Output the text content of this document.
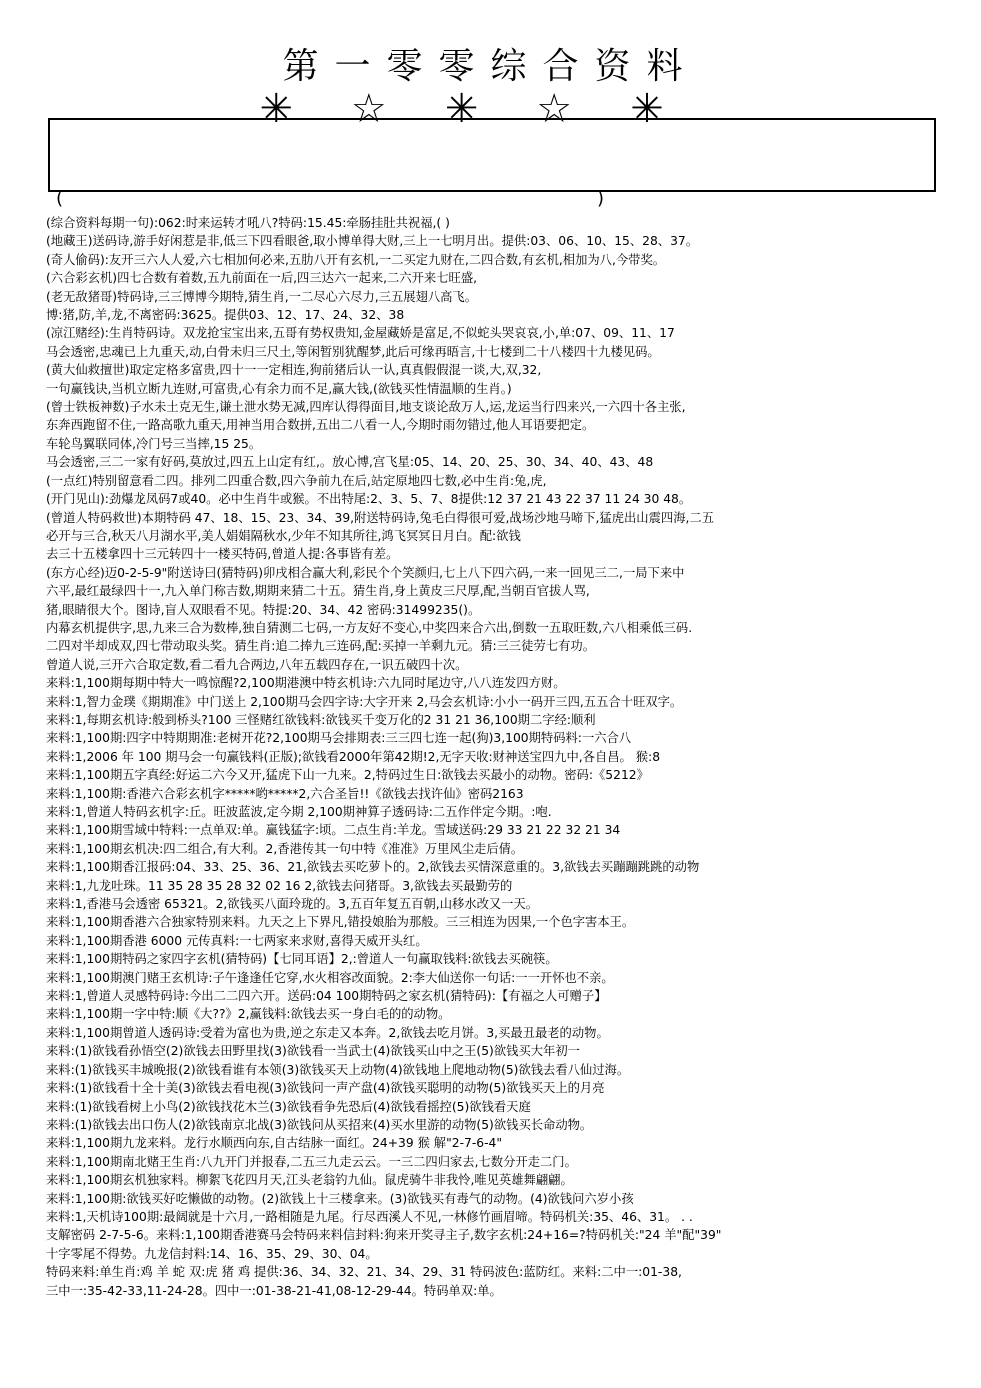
第一零零综合资料
✳☆✳☆✳
(	)
(综合资料每期一句):062:时来运转才吼八?特码:15.45:牵肠挂肚共祝福,( )
(地藏王)送码诗,游手好闲惹是非,低三下四看眼爸,取小博单得大财,三上一七明月出。提供:03、06、10、15、28、37。
(奇人偷码):友开三六人人爱,六七相加何必来,五肋八开有玄机,一二买定九财在,二四合数,有玄机,相加为八,今带奖。
(六合彩玄机)四七合数有着数,五九前面在一后,四三达六一起来,二六开来七旺盛,
(老无敌猪哥)特码诗,三三博博今期特,猜生肖,一二尽心六尽力,三五展翅八高飞。
博:猪,防,羊,龙,不离密码:3625。提供03、12、17、24、32、38
(凉江赌经):生肖特码诗。双龙抢宝宝出来,五哥有势权贵知,金屋藏娇是富足,不似蛇头哭哀哀,小,单:07、09、11、17
马会透密,忠魂已上九重天,动,白骨未归三尺土,等闲暂别犹醒梦,此后可缘再晤言,十七楼到二十八楼四十九楼见码。
(黄大仙救擅世)取定定格多富贵,四十一一定相连,狗前猪后认一认,真真假假混一谈,大,双,32,
一句赢钱诀,当机立断九连财,可富贵,心有余力而不足,赢大钱,(欲钱买性情温顺的生肖。)
(曾士铁板神数)子水未土克无生,谦土泄水势无减,四库认得得面目,地支谈论敌万人,运,龙运当行四来兴,一六四十各主张,
东奔西跑留不住,一路高歌九重天,用神当用合数拼,五出二八看一人,今期时雨勿错过,他人耳语要把定。
车轮鸟翼联同体,冷门号三当摔,15 25。
马会透密,三二一家有好码,莫放过,四五上山定有红,。放心博,宫飞星:05、14、20、25、30、34、40、43、48
(一点红)特别留意看二四。排列二四重合数,四六争前九在后,站定原地四七数,必中生肖:兔,虎,
(开门见山):劲爆龙凤码7或40。必中生肖牛或猴。不出特尾:2、3、5、7、8提供:12 37 21 43 22 37 11 24 30 48。
(曾道人特码救世)本期特码 47、18、15、23、34、39,附送特码诗,兔毛白得很可爱,战场沙地马啼下,猛虎出山震四海,二五
必开与三合,秋天八月湖水平,美人娟娟隔秋水,少年不知其所往,鸿飞冥冥日月白。配:欲钱
去三十五楼拿四十三元转四十一楼买特码,曾道人提:各事皆有差。
(东方心经)迈0-2-5-9"附送诗曰(猜特码)卯戌相合赢大利,彩民个个笑颜归,七上八下四六码,一来一回见三二,一局下来中
六平,最红最绿四十一,九入单门称吉数,期期来猜二十五。猜生肖,身上黄皮三尺厚,配,当朝百官拔人骂,
猪,眼睛很大个。图诗,盲人双眼看不见。特提:20、34、42 密码:31499235()。
内幕玄机提供字,思,九来三合为数棒,独自猜测二七码,一方友好不变心,中奖四来合六出,倒数一五取旺数,六八相乘低三码.
二四对半却成双,四七带动取头奖。猜生肖:追二捧九三连码,配:买掉一羊剩九元。猜:三三徒劳七有功。
曾道人说,三开六合取定数,看二看九合两边,八年五载四存在,一识五破四十次。
来料:1,100期每期中特大一鸣惊醒?2,100期港澳中特玄机诗:六九同时尾边守,八八连发四方财。
来料:1,智力金璞《期期准》中门送上 2,100期马会四字诗:大字开来 2,马会玄机诗:小小一码开三四,五五合十旺双字。
来料:1,每期玄机诗:般到桥头?100 三怪赌红欲钱料:欲钱买千变万化的2 31 21 36,100期二字经:顺利
来料:1,100期:四字中特期期准:老树开花?2,100期马会排期表:三三四七连一起(狗)3,100期特码料:一六合八
来料:1,2006 年 100 期马会一句赢钱料(正版);欲钱看2000年第42期!2,无字天收:财神送宝四九中,各自昌。 猴:8
来料:1,100期五字真经:好运二六今又开,猛虎下山一九来。2,特码过生日:欲钱去买最小的动物。密码:《5212》
来料:1,100期:香港六合彩玄机字*****哟*****2,六合圣旨!!《欲钱去找许仙》密码2163
来料:1,曾道人特码玄机字:丘。旺波蓝波,定今期 2,100期神算子透码诗:二五作伴定今期。:咆.
来料:1,100期雪域中特料:一点单双:单。赢钱猛字:顷。二点生肖:羊龙。雪域送码:29 33 21 22 32 21 34
来料:1,100期玄机决:四二组合,有大利。2,香港传其一句中特《准准》万里风尘走后倩。
来料:1,100期香江报码:04、33、25、36、21,欲钱去买吃萝卜的。2,欲钱去买情深意重的。3,欲钱去买蹦蹦跳跳的动物
来料:1,九龙吐珠。11 35 28 35 28 32 02 16 2,欲钱去问猪哥。3,欲钱去买最勤劳的
来料:1,香港马会透密 65321。2,欲钱买八面玲珑的。3,五百年复五百朝,山移水改又一天。
来料:1,100期香港六合独家特别来料。九天之上下界凡,错投娘胎为那般。三三相连为因果,一个色字害本王。
来料:1,100期香港 6000 元传真料:一七两家来求财,喜得天威开头红。
来料:1,100期特码之家四字玄机(猜特码)【七同耳语】2,:曾道人一句赢取钱料:欲钱去买碗筷。
来料:1,100期澳门赌王玄机诗:子午逢逢任它穿,水火相容改面貌。2:李大仙送你一句话:一一开怀也不亲。
来料:1,曾道人灵感特码诗:今出二二四六开。送码:04 100期特码之家玄机(猜特码):【有福之人可赠子】
来料:1,100期一字中特:顺《大??》2,赢钱料:欲钱去买一身白毛的的动物。
来料:1,100期曾道人透码诗:受着为富也为贵,逆之东走又本奔。2,欲钱去吃月饼。3,买最丑最老的动物。
来料:(1)欲钱看孙悟空(2)欲钱去田野里找(3)欲钱看一当武士(4)欲钱买山中之王(5)欲钱买大年初一
来料:(1)欲钱买丰城晚报(2)欲钱看谁有本领(3)欲钱买天上动物(4)欲钱地上爬地动物(5)欲钱去看八仙过海。
来料:(1)欲钱看十全十美(3)欲钱去看电视(3)欲钱问一声产盘(4)欲钱买聪明的动物(5)欲钱买天上的月亮
来料:(1)欲钱看树上小鸟(2)欲钱找花木兰(3)欲钱看争先恐后(4)欲钱看摇控(5)欲钱看天庭
来料:(1)欲钱去出口伤人(2)欲钱南京北战(3)欲钱问从买招来(4)买水里游的动物(5)欲钱买长命动物。
来料:1,100期九龙来料。龙行水顺西向东,自古结脉一面红。24+39 猴 解"2-7-6-4"
来料:1,100期南北赌王生肖:八九开门并报春,二五三九走云云。一三二四归家去,七数分开走二门。
来料:1,100期玄机独家料。柳絮飞花四月天,江头老翁钓九仙。鼠虎骑牛非我怜,唯见英雄舞翩翩。
来料:1,100期:欲钱买好吃懒做的动物。(2)欲钱上十三楼拿来。(3)欲钱买有毒气的动物。(4)欲钱问六岁小孩
来料:1,天机诗100期:最阔就是十六月,一路相随是九尾。行尽西溪人不见,一林修竹画眉啼。特码机关:35、46、31。 . .
支解密码 2-7-5-6。来料:1,100期香港赛马会特码来料信封料:狗来开奖寻主子,数字玄机:24+16=?特码机关:"24 羊"配"39"
十字零尾不得势。九龙信封料:14、16、35、29、30、04。
特码来料:单生肖:鸡 羊 蛇 双:虎 猪 鸡 提供:36、34、32、21、34、29、31 特码波色:蓝防红。来料:二中一:01-38,
三中一:35-42-33,11-24-28。四中一:01-38-21-41,08-12-29-44。特码单双:单。
